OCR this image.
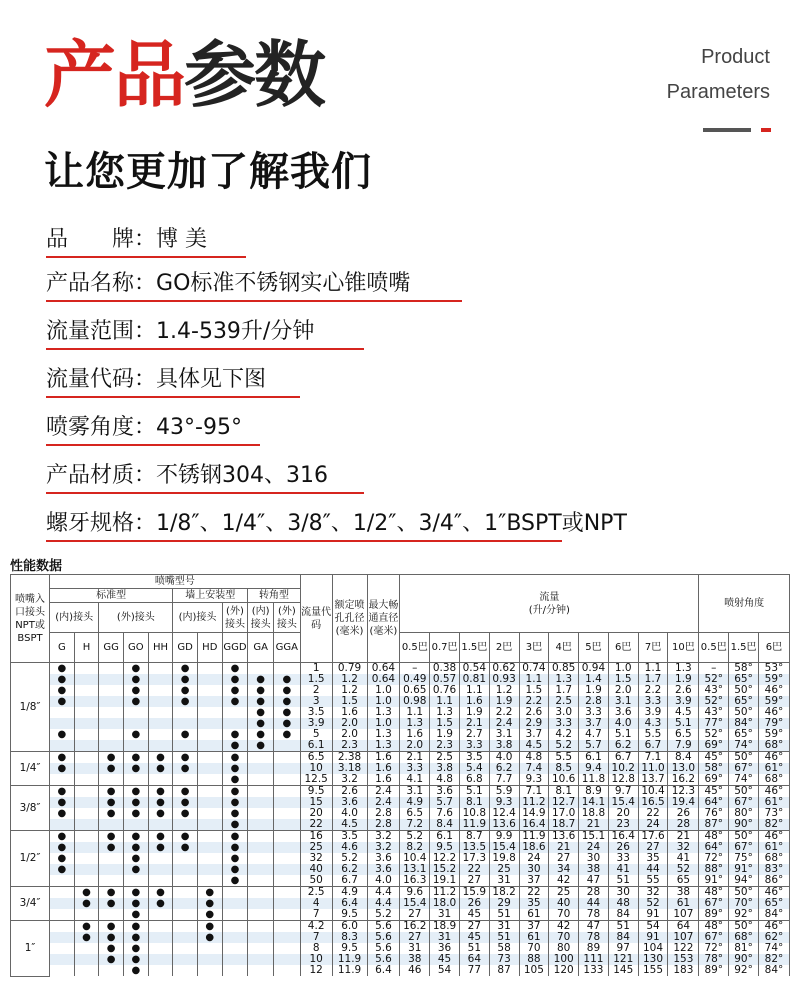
产品参数	Product
Parameters
让您更加了解我们
品　　牌：博 美
产品名称：GO标准不锈钢实心锥喷嘴
流量范围：1.4-539升/分钟
流量代码：具体见下图
喷雾角度：43°-95°
产品材质：不锈钢304、316
螺牙规格：1/8″、1/4″、3/8″、1/2″、3/4″、1″BSPT或NPT
性能数据
喷嘴入口接头NPT或BSPT	喷嘴型号										流量代码	额定喷孔孔径(毫米)	最大畅通直径(毫米)	流量
(升/分钟)										喷射角度		
	标准型					墙上安装型			转角型																	
	(内)接头		(外)接头			(内)接头		(外)接头	(内)接头	(外)接头																
	G	H	GG	GO	HH	GD	HD	GGD	GA	GGA				0.5巴	0.7巴	1.5巴	2巴	3巴	4巴	5巴	6巴	7巴	10巴	0.5巴	1.5巴	6巴
1/8″	●			●		●		●			1	0.79	0.64	–	0.38	0.54	0.62	0.74	0.85	0.94	1.0	1.1	1.3	–	58°	53°
	●			●		●		●	●	●	1.5	1.2	0.64	0.49	0.57	0.81	0.93	1.1	1.3	1.4	1.5	1.7	1.9	52°	65°	59°
	●			●		●		●	●	●	2	1.2	1.0	0.65	0.76	1.1	1.2	1.5	1.7	1.9	2.0	2.2	2.6	43°	50°	46°
	●			●		●		●	●	●	3	1.5	1.0	0.98	1.1	1.6	1.9	2.2	2.5	2.8	3.1	3.3	3.9	52°	65°	59°
									●	●	3.5	1.6	1.3	1.1	1.3	1.9	2.2	2.6	3.0	3.3	3.6	3.9	4.5	43°	50°	46°
									●	●	3.9	2.0	1.0	1.3	1.5	2.1	2.4	2.9	3.3	3.7	4.0	4.3	5.1	77°	84°	79°
	●			●		●		●	●	●	5	2.0	1.3	1.6	1.9	2.7	3.1	3.7	4.2	4.7	5.1	5.5	6.5	52°	65°	59°
								●	●		6.1	2.3	1.3	2.0	2.3	3.3	3.8	4.5	5.2	5.7	6.2	6.7	7.9	69°	74°	68°
1/4″	●		●	●	●	●		●			6.5	2.38	1.6	2.1	2.5	3.5	4.0	4.8	5.5	6.1	6.7	7.1	8.4	45°	50°	46°
	●		●	●	●	●		●			10	3.18	1.6	3.3	3.8	5.4	6.2	7.4	8.5	9.4	10.2	11.0	13.0	58°	67°	61°
								●			12.5	3.2	1.6	4.1	4.8	6.8	7.7	9.3	10.6	11.8	12.8	13.7	16.2	69°	74°	68°
3/8″	●		●	●	●	●		●			9.5	2.6	2.4	3.1	3.6	5.1	5.9	7.1	8.1	8.9	9.7	10.4	12.3	45°	50°	46°
	●		●	●	●	●		●			15	3.6	2.4	4.9	5.7	8.1	9.3	11.2	12.7	14.1	15.4	16.5	19.4	64°	67°	61°
	●		●	●	●	●		●			20	4.0	2.8	6.5	7.6	10.8	12.4	14.9	17.0	18.8	20	22	26	76°	80°	73°
								●			22	4.5	2.8	7.2	8.4	11.9	13.6	16.4	18.7	21	23	24	28	87°	90°	82°
1/2″	●		●	●	●	●		●			16	3.5	3.2	5.2	6.1	8.7	9.9	11.9	13.6	15.1	16.4	17.6	21	48°	50°	46°
	●		●	●	●	●		●			25	4.6	3.2	8.2	9.5	13.5	15.4	18.6	21	24	26	27	32	64°	67°	61°
	●			●				●			32	5.2	3.6	10.4	12.2	17.3	19.8	24	27	30	33	35	41	72°	75°	68°
	●			●				●			40	6.2	3.6	13.1	15.2	22	25	30	34	38	41	44	52	88°	91°	83°
								●			50	6.7	4.0	16.3	19.1	27	31	37	42	47	51	55	65	91°	94°	86°
3/4″		●	●	●	●		●				2.5	4.9	4.4	9.6	11.2	15.9	18.2	22	25	28	30	32	38	48°	50°	46°
		●	●	●	●		●				4	6.4	4.4	15.4	18.0	26	29	35	40	44	48	52	61	67°	70°	65°
				●			●				7	9.5	5.2	27	31	45	51	61	70	78	84	91	107	89°	92°	84°
1″		●	●	●			●				4.2	6.0	5.6	16.2	18.9	27	31	37	42	47	51	54	64	48°	50°	46°
		●	●	●			●				7	8.3	5.6	27	31	45	51	61	70	78	84	91	107	67°	68°	62°
			●	●							8	9.5	5.6	31	36	51	58	70	80	89	97	104	122	72°	81°	74°
			●	●							10	11.9	5.6	38	45	64	73	88	100	111	121	130	153	78°	90°	82°
				●							12	11.9	6.4	46	54	77	87	105	120	133	145	155	183	89°	92°	84°
